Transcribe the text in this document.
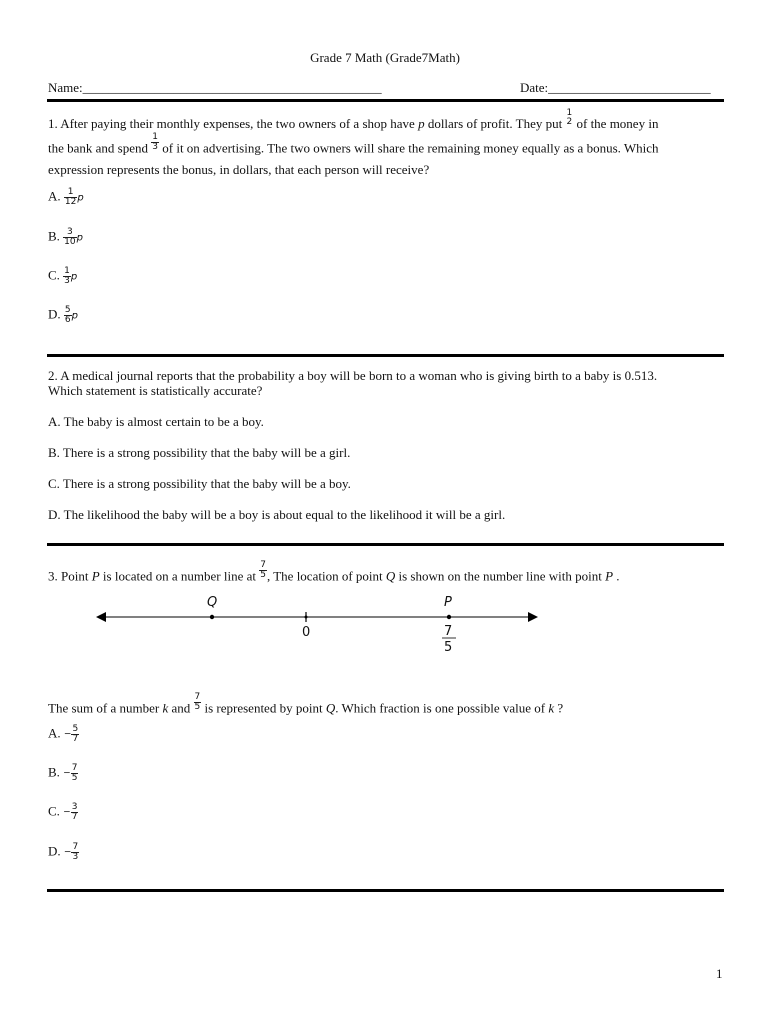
Grade 7 Math (Grade7Math)
Name:______________________________________________	Date:_________________________
1. After paying their monthly expenses, the two owners of a shop have p dollars of profit. They put
1
2 of the money in
the bank and spend $\frac{1}{3}$ of it on advertising. The two owners will share the remaining money equally as a bonus. Which
expression represents the bonus, in dollars, that each person will receive?
A. $\frac{1}{12}$ p
B. $\frac{3}{10}$ p
C. $\frac{1}{3}$ p
D. $\frac{5}{6}$ p
2. A medical journal reports that the probability a boy will be born to a woman who is giving birth to a baby is 0.513.
Which statement is statistically accurate?
A. The baby is almost certain to be a boy.
B. There is a strong possibility that the baby will be a girl.
C. There is a strong possibility that the baby will be a boy.
D. The likelihood the baby will be a boy is about equal to the likelihood it will be a girl.
3. Point P is located on a number line at $\frac{7}{5}$ , The location of point Q is shown on the number line with point P .
Q	P
0	7
5
The sum of a number k and $\frac{7}{5}$ is represented by point Q. Which fraction is one possible value of k ?
A. − $\frac{5}{7}$
B. − $\frac{7}{5}$
C. − $\frac{3}{7}$
D. − $\frac{7}{3}$
1
